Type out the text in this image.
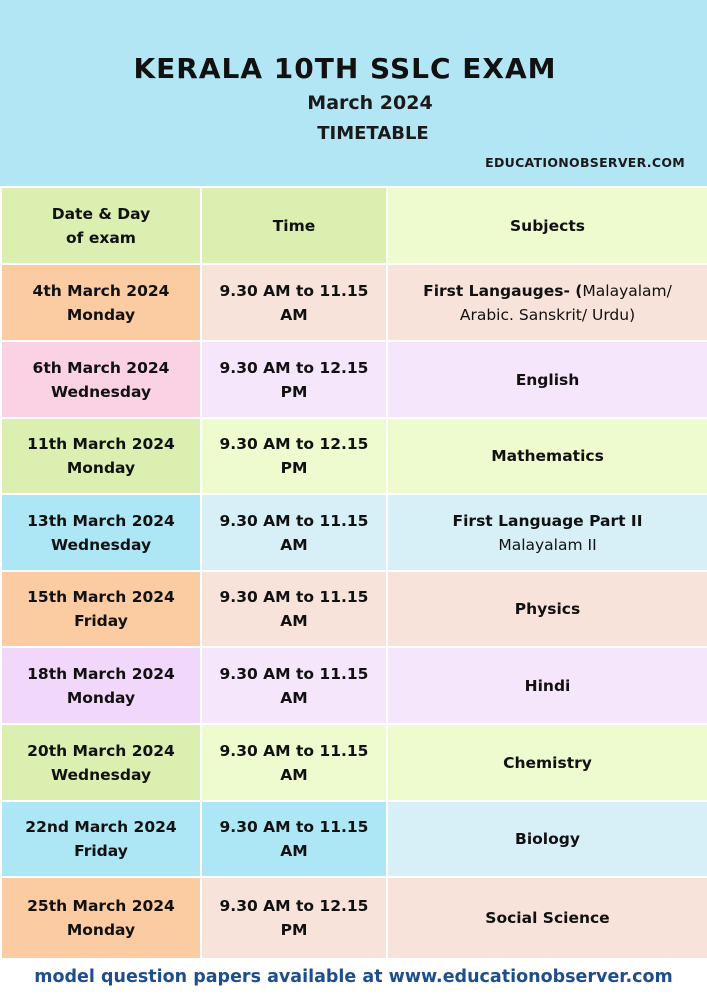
KERALA 10TH SSLC EXAM
March 2024
TIMETABLE
EDUCATIONOBSERVER.COM
Date & Day
of exam	Time	Subjects
4th March 2024
Monday	9.30 AM to 11.15 AM	First Langauges- (Malayalam/ Arabic. Sanskrit/ Urdu)
6th March 2024
Wednesday	9.30 AM to 12.15 PM	English
11th March 2024
Monday	9.30 AM to 12.15 PM	Mathematics
13th March 2024
Wednesday	9.30 AM to 11.15 AM	First Language Part II
Malayalam II
15th March 2024
Friday	9.30 AM to 11.15 AM	Physics
18th March 2024
Monday	9.30 AM to 11.15 AM	Hindi
20th March 2024
Wednesday	9.30 AM to 11.15 AM	Chemistry
22nd March 2024
Friday	9.30 AM to 11.15 AM	Biology
25th March 2024
Monday	9.30 AM to 12.15 PM	Social Science
model question papers available at www.educationobserver.com
